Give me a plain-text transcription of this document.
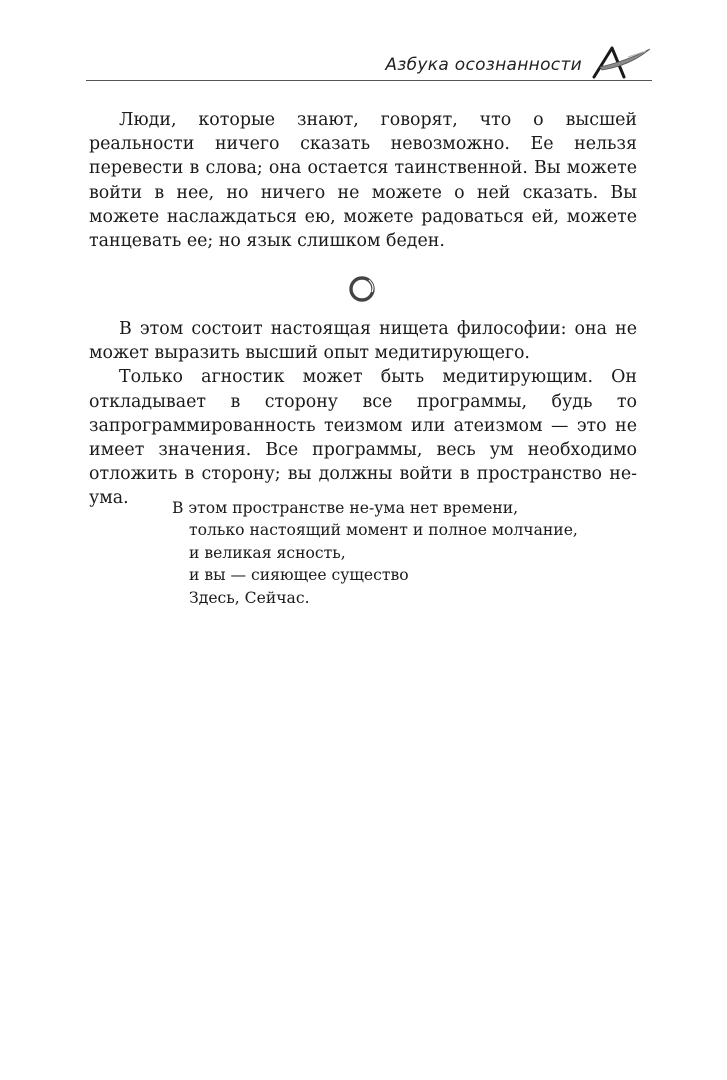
Азбука осознанности

Люди, которые знают, говорят, что о высшей реальности ничего сказать невозможно. Ее нельзя перевести в слова; она остается таинственной. Вы можете войти в нее, но ничего не можете о ней сказать. Вы можете наслаждаться ею, можете радоваться ей, можете танцевать ее; но язык слишком беден.

В этом состоит настоящая нищета философии: она не может выразить высший опыт медитирующего.

Только агностик может быть медитирующим. Он откладывает в сторону все программы, будь то запрограммированность теизмом или атеизмом — это не имеет значения. Все программы, весь ум необходимо отложить в сторону; вы должны войти в пространство не-ума.	В этом пространстве не-ума нет времени,
только настоящий момент и полное молчание,
и великая ясность,
и вы — сияющее существо
Здесь, Сейчас.
